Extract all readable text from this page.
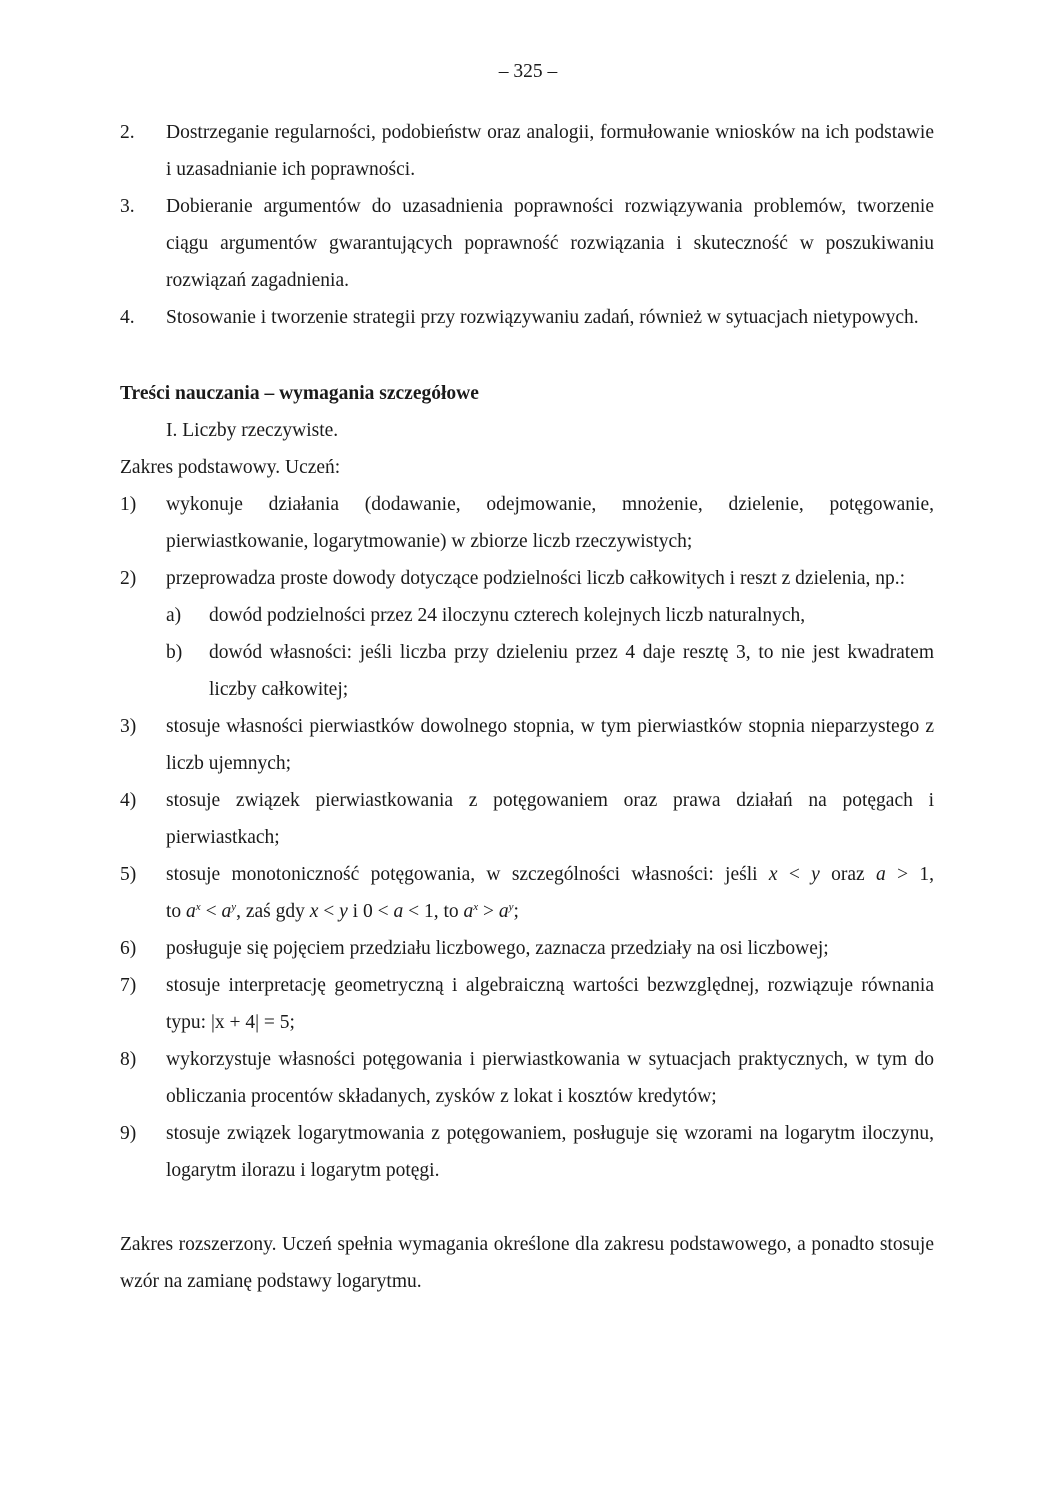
– 325 –
2. Dostrzeganie regularności, podobieństw oraz analogii, formułowanie wniosków na ich podstawie i uzasadnianie ich poprawności.
3. Dobieranie argumentów do uzasadnienia poprawności rozwiązywania problemów, tworzenie ciągu argumentów gwarantujących poprawność rozwiązania i skuteczność w poszukiwaniu rozwiązań zagadnienia.
4. Stosowanie i tworzenie strategii przy rozwiązywaniu zadań, również w sytuacjach nietypowych.
Treści nauczania – wymagania szczegółowe
I. Liczby rzeczywiste.
Zakres podstawowy. Uczeń:
1) wykonuje działania (dodawanie, odejmowanie, mnożenie, dzielenie, potęgowanie, pierwiastkowanie, logarytmowanie) w zbiorze liczb rzeczywistych;
2) przeprowadza proste dowody dotyczące podzielności liczb całkowitych i reszt z dzielenia, np.:
a) dowód podzielności przez 24 iloczynu czterech kolejnych liczb naturalnych,
b) dowód własności: jeśli liczba przy dzieleniu przez 4 daje resztę 3, to nie jest kwadratem liczby całkowitej;
3) stosuje własności pierwiastków dowolnego stopnia, w tym pierwiastków stopnia nieparzystego z liczb ujemnych;
4) stosuje związek pierwiastkowania z potęgowaniem oraz prawa działań na potęgach i pierwiastkach;
5) stosuje monotoniczność potęgowania, w szczególności własności: jeśli x < y oraz a > 1,
to $a^x < a^y$, zaś gdy x < y i 0 < a < 1, to $a^x > a^y$;
6) posługuje się pojęciem przedziału liczbowego, zaznacza przedziały na osi liczbowej;
7) stosuje interpretację geometryczną i algebraiczną wartości bezwzględnej, rozwiązuje równania typu: |x + 4| = 5;
8) wykorzystuje własności potęgowania i pierwiastkowania w sytuacjach praktycznych, w tym do obliczania procentów składanych, zysków z lokat i kosztów kredytów;
9) stosuje związek logarytmowania z potęgowaniem, posługuje się wzorami na logarytm iloczynu, logarytm ilorazu i logarytm potęgi.
Zakres rozszerzony. Uczeń spełnia wymagania określone dla zakresu podstawowego, a ponadto stosuje wzór na zamianę podstawy logarytmu.
